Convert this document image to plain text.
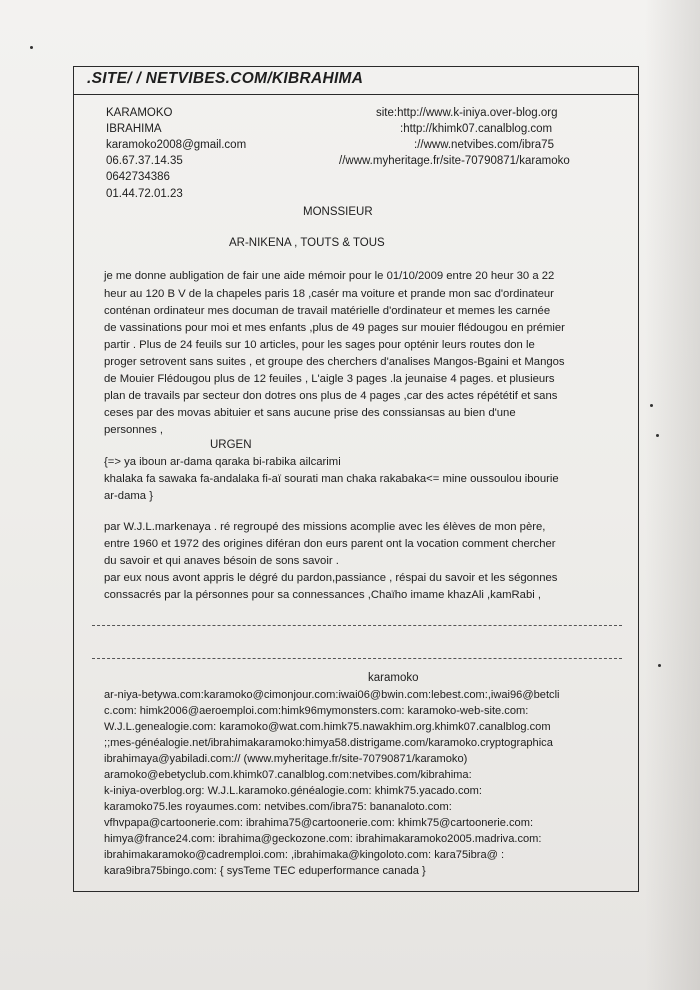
.SITE/ / NETVIBES.COM/KIBRAHIMA
KARAMOKO
IBRAHIMA
karamoko2008@gmail.com
06.67.37.14.35
0642734386
01.44.72.01.23
site:http://www.k-iniya.over-blog.org
:http://khimk07.canalblog.com
://www.netvibes.com/ibra75
//www.myheritage.fr/site-70790871/karamoko
MONSSIEUR
AR-NIKENA , TOUTS & TOUS
je me donne aubligation de fair une aide mémoir pour le 01/10/2009 entre 20 heur 30 a 22
heur au 120 B V de la chapeles paris 18 ,casér ma voiture et prande mon sac d'ordinateur
conténan ordinateur mes documan de travail matérielle d'ordinateur et memes les carnée
de vassinations pour moi et mes enfants ,plus de 49 pages sur mouier flédougou en prémier
partir . Plus de 24 feuils sur 10 articles, pour les sages pour opténir leurs routes don le
proger setrovent sans suites , et groupe des cherchers d'analises Mangos-Bgaini et Mangos
de Mouier Flédougou plus de 12 feuiles , L'aigle 3 pages .la jeunaise 4 pages. et plusieurs
plan de travails par secteur don dotres ons plus de 4 pages ,car des actes répététif et sans
ceses par des movas abituier et sans aucune prise des conssiansas au bien d'une
personnes ,
URGEN
{=> ya iboun ar-dama qaraka bi-rabika ailcarimi
khalaka fa sawaka fa-andalaka fi-aï sourati man chaka rakabaka<= mine oussoulou ibourie
ar-dama }
par W.J.L.markenaya . ré regroupé des missions acomplie avec les élèves de mon père,
entre 1960 et 1972 des origines diféran don eurs parent ont la vocation comment chercher
du savoir et qui anaves bésoin de sons savoir .
par eux nous avont appris le dégré du pardon,passiance , réspai du savoir et les ségonnes
conssacrés par la pérsonnes pour sa connessances ,Chaïho imame khazAli ,kamRabi ,
karamoko
ar-niya-betywa.com:karamoko@cimonjour.com:iwai06@bwin.com:lebest.com:,iwai96@betcli
c.com: himk2006@aeroemploi.com:himk96mymonsters.com: karamoko-web-site.com:
W.J.L.genealogie.com: karamoko@wat.com.himk75.nawakhim.org.khimk07.canalblog.com
;;mes-généalogie.net/ibrahimakaramoko:himya58.distrigame.com/karamoko.cryptographica
ibrahimaya@yabiladi.com:// (www.myheritage.fr/site-70790871/karamoko)
aramoko@ebetyclub.com.khimk07.canalblog.com:netvibes.com/kibrahima:
k-iniya-overblog.org: W.J.L.karamoko.généalogie.com: khimk75.yacado.com:
karamoko75.les royaumes.com: netvibes.com/ibra75: bananaloto.com:
vfhvpapa@cartoonerie.com: ibrahima75@cartoonerie.com: khimk75@cartoonerie.com:
himya@france24.com: ibrahima@geckozone.com: ibrahimakaramoko2005.madriva.com:
ibrahimakaramoko@cadremploi.com: ,ibrahimaka@kingoloto.com: kara75ibra@ :
kara9ibra75bingo.com: { sysTeme TEC eduperformance canada }
